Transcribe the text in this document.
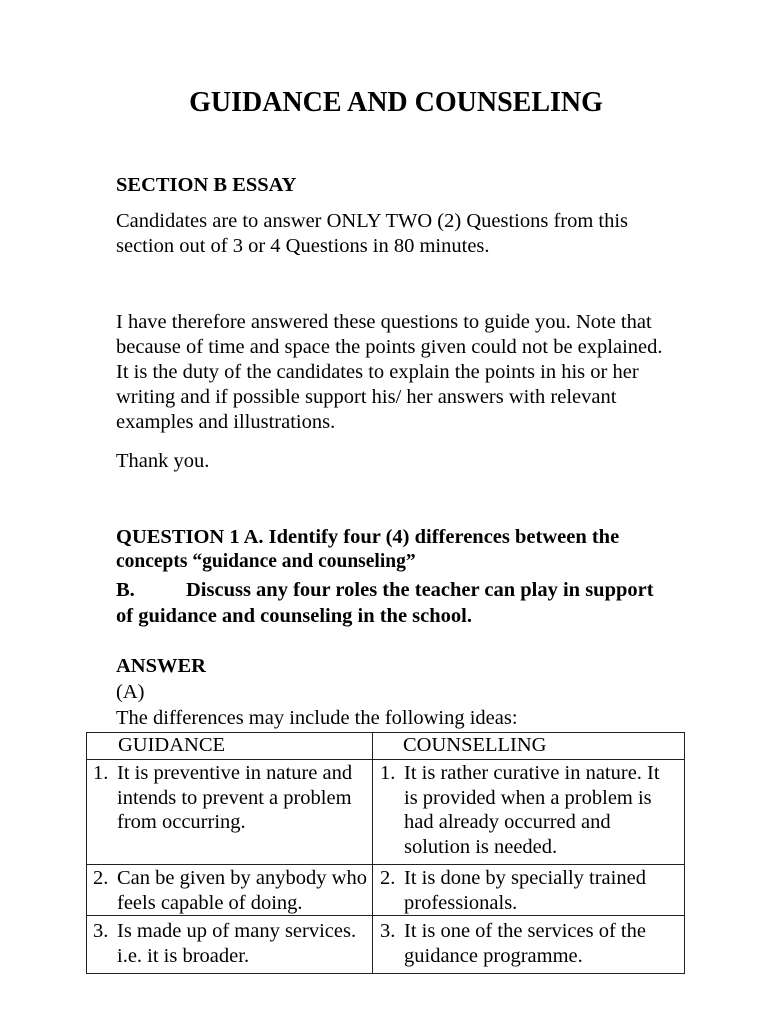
GUIDANCE AND COUNSELING
SECTION B ESSAY
Candidates are to answer ONLY TWO (2) Questions from this
section out of 3 or 4 Questions in 80 minutes.
I have therefore answered these questions to guide you. Note that
because of time and space the points given could not be explained.
It is the duty of the candidates to explain the points in his or her
writing and if possible support his/ her answers with relevant
examples and illustrations.
Thank you.
QUESTION 1 A. Identify four (4) differences between the
concepts “guidance and counseling”
B. Discuss any four roles the teacher can play in support
of guidance and counseling in the school.
ANSWER
(A)
The differences may include the following ideas:
GUIDANCE	COUNSELLING

1. It is preventive in nature and
intends to prevent a problem
from occurring.	1. It is rather curative in nature. It
is provided when a problem is
had already occurred and
solution is needed.

2. Can be given by anybody who
feels capable of doing.	2. It is done by specially trained
professionals.

3. Is made up of many services.
i.e. it is broader.	3. It is one of the services of the
guidance programme.
